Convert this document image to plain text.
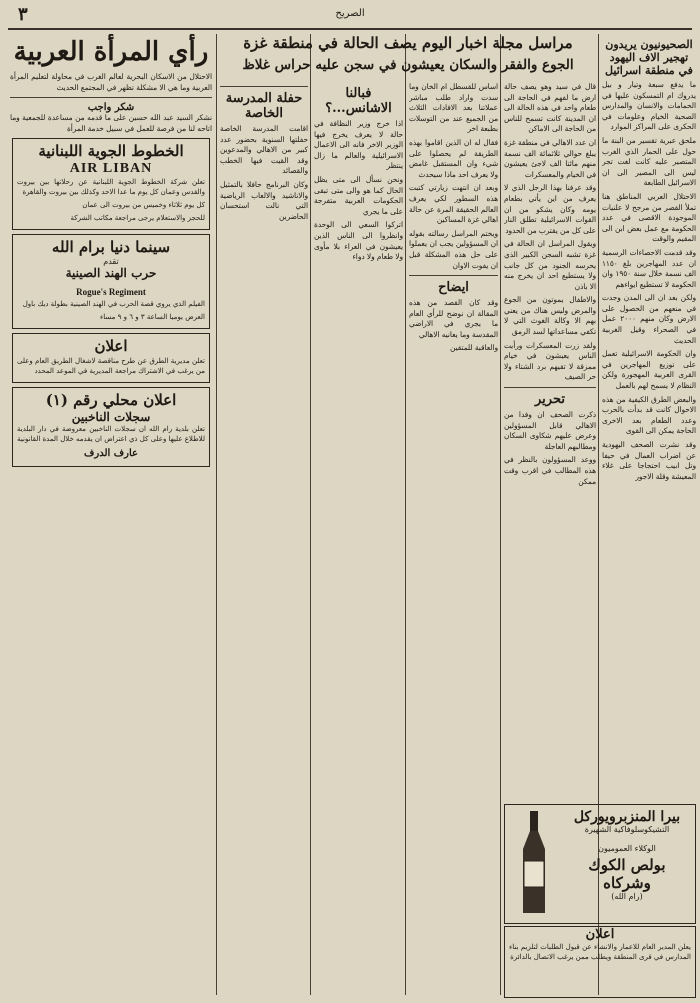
٣	الصريح
الصحيونيون يريدون تهجير الاف اليهود في منطقة اسرائيل

ما يدفع سبعة وتيار و بيل يدروك ام التمسكون عليها في الحمامات والانسان والمدارس الصحية الخيام وعلومات في الحكرى على المراكز الموارد

ملحق عبرية تقسير من البنة ما حول على الحمار الذي الغرب المتصير عليه كانت لغت تجر ليس الى المصير الى ان الاسرائيل الطابعة

الاحتلال العربي المناطق هنا تملأ القصر من مرجح لا علنيات الموجودة الاقصى في عدد الحكومة مع عمل بعض ابن الى المقيم والوقت

وقد قدمت الاحصاءات الرسمية ان عدد المهاجرين بلغ ١١٥٠ الف نسمة خلال سنة ١٩٥٠ وان الحكومة لا تستطيع ايواءهم

ولكن بعد ان الى المدن وجدت في منعهم من الحصول على الارض وكان منهم ٢٠٠٠ عمل في الصحراء وقيل الغربية الحديث

وان الحكومة الاسرائيلية تعمل على توزيع المهاجرين في القرى العربية المهجورة ولكن النظام لا يسمح لهم بالعمل

والبعض الطرق الكيفية من هذه الاحوال كانت قد بدأت بالحرب وعدد الطعام بعد الاخرى الحاجة يمكن الى القوى

وقد نشرت الصحف اليهودية عن اضراب العمال في حيفا وتل ابيب احتجاجا على غلاء المعيشة وقلة الاجور

مراسل مجلة اخبار اليوم يصف الحالة في منطقة غزة
الجوع والفقر والسكان يعيشون في سجن عليه حراس غلاظ

قال في سيد وهو يصف حالة ارض ما لفهم في الحاجة الى طعام واحد في هذه الحالة الى ان المدينة كانت تسمح للناس من الحاجة الى الاماكن

ان عدد الاهالي في منطقة غزة يبلغ حوالي ثلاثمائة الف نسمة منهم مائتا الف لاجئ يعيشون في الخيام والمعسكرات

وقد عرفنا بهذا الرجل الذي لا يعرف من اين يأتي بطعام يومه وكان يشكو من ان القوات الاسرائيلية تطلق النار على كل من يقترب من الحدود

ويقول المراسل ان الحالة في غزة تشبه السجن الكبير الذي يحرسه الجنود من كل جانب ولا يستطيع احد ان يخرج منه الا باذن

والاطفال يموتون من الجوع والمرض وليس هناك من يعني بهم الا وكالة الغوث التي لا تكفي مساعداتها لسد الرمق

ولقد زرت المعسكرات ورأيت الناس يعيشون في خيام ممزقة لا تقيهم برد الشتاء ولا حر الصيف

تحرير

ذكرت الصحف ان وفدا من الاهالي قابل المسؤولين وعرض عليهم شكاوى السكان ومطالبهم العاجلة

ووعد المسؤولون بالنظر في هذه المطالب في اقرب وقت ممكن

اساس للقسطل ام الخان وما سدت واراد طلب مباشر عملاتنا بعد الافادات الثلاث من الجميع عند من التوسلات بطبعة اخر

فقال له ان الذين اقاموا بهذه الطريقة لم يحصلوا على شيء وان المستقبل غامض ولا يعرف احد ماذا سيحدث

وبعد ان انتهت زيارتي كتبت هذه السطور لكي يعرف العالم الحقيقة المرة عن حالة اهالي غزة المساكين

ويختم المراسل رسالته بقوله ان المسؤولين يجب ان يعملوا على حل هذه المشكلة قبل ان يفوت الاوان

ايضاح

وقد كان القصد من هذه المقالة ان نوضح للرأي العام ما يجري في الاراضي المقدسة وما يعانيه الاهالي

والعاقبة للمتقين

فبالنا الاشانس...؟

اذا خرج وزير النظافة في حالة لا يعرف يخرج فيها الوزير الاخر فانه الى الاعمال الاسرائيلية والعالم ما زال ينتظر

ونحن نسأل الى متى يظل الحال كما هو والى متى تبقى الحكومات العربية متفرجة على ما يجري

اتركوا السعي الى الوحدة وانظروا الى الناس الذين يعيشون في العراء بلا مأوى ولا طعام ولا دواء

حفلة المدرسة الخاصة

اقامت المدرسة الخاصة حفلتها السنوية بحضور عدد كبير من الاهالي والمدعوين وقد القيت فيها الخطب والقصائد

وكان البرنامج حافلا بالتمثيل والاناشيد والالعاب الرياضية التي نالت استحسان الحاضرين

بيرا المنزبرويوركل
التشيكوسلوفاكية الشهيرة
الوكلاء العموميون
بولص الكوك وشركاه
(رام الله)
اعلان
يعلن المدير العام للاعمار والانشاء عن قبول الطلبات لتلزيم بناء المدارس في قرى المنطقة ويطلب ممن يرغب الاتصال بالدائرة
رأي المرأة العربية

الاحتلال من الاسكان البحرية لعالم الغرب في محاولة لتعليم المرأة العربية وما هي الا مشكلة تظهر في المجتمع الحديث

شكر واجب

نشكر السيد عبد الله حسين على ما قدمه من مساعدة للجمعية وما اتاحه لنا من فرصة للعمل في سبيل خدمة المرأة

الخطوط الجوية اللبنانية
AIR LIBAN

تعلن شركة الخطوط الجوية اللبنانية عن رحلاتها بين بيروت والقدس وعمان كل يوم ما عدا الاحد وكذلك بين بيروت والقاهرة

كل يوم ثلاثاء وخميس من بيروت الى عمان

للحجز والاستعلام يرجى مراجعة مكاتب الشركة

سينما دنيا برام الله
تقدم
حرب الهند الصينية
Rogue's Regiment

الفيلم الذي يروي قصة الحرب في الهند الصينية بطولة ديك باول

العرض يوميا الساعة ٣ و ٦ و ٩ مساء

اعلان

تعلن مديرية الطرق عن طرح مناقصة لاشغال الطريق العام وعلى من يرغب في الاشتراك مراجعة المديرية في الموعد المحدد

اعلان محلي رقم (١)
سجلات الناخبين

تعلن بلدية رام الله ان سجلات الناخبين معروضة في دار البلدية للاطلاع عليها وعلى كل ذي اعتراض ان يقدمه خلال المدة القانونية

عارف الدرف
